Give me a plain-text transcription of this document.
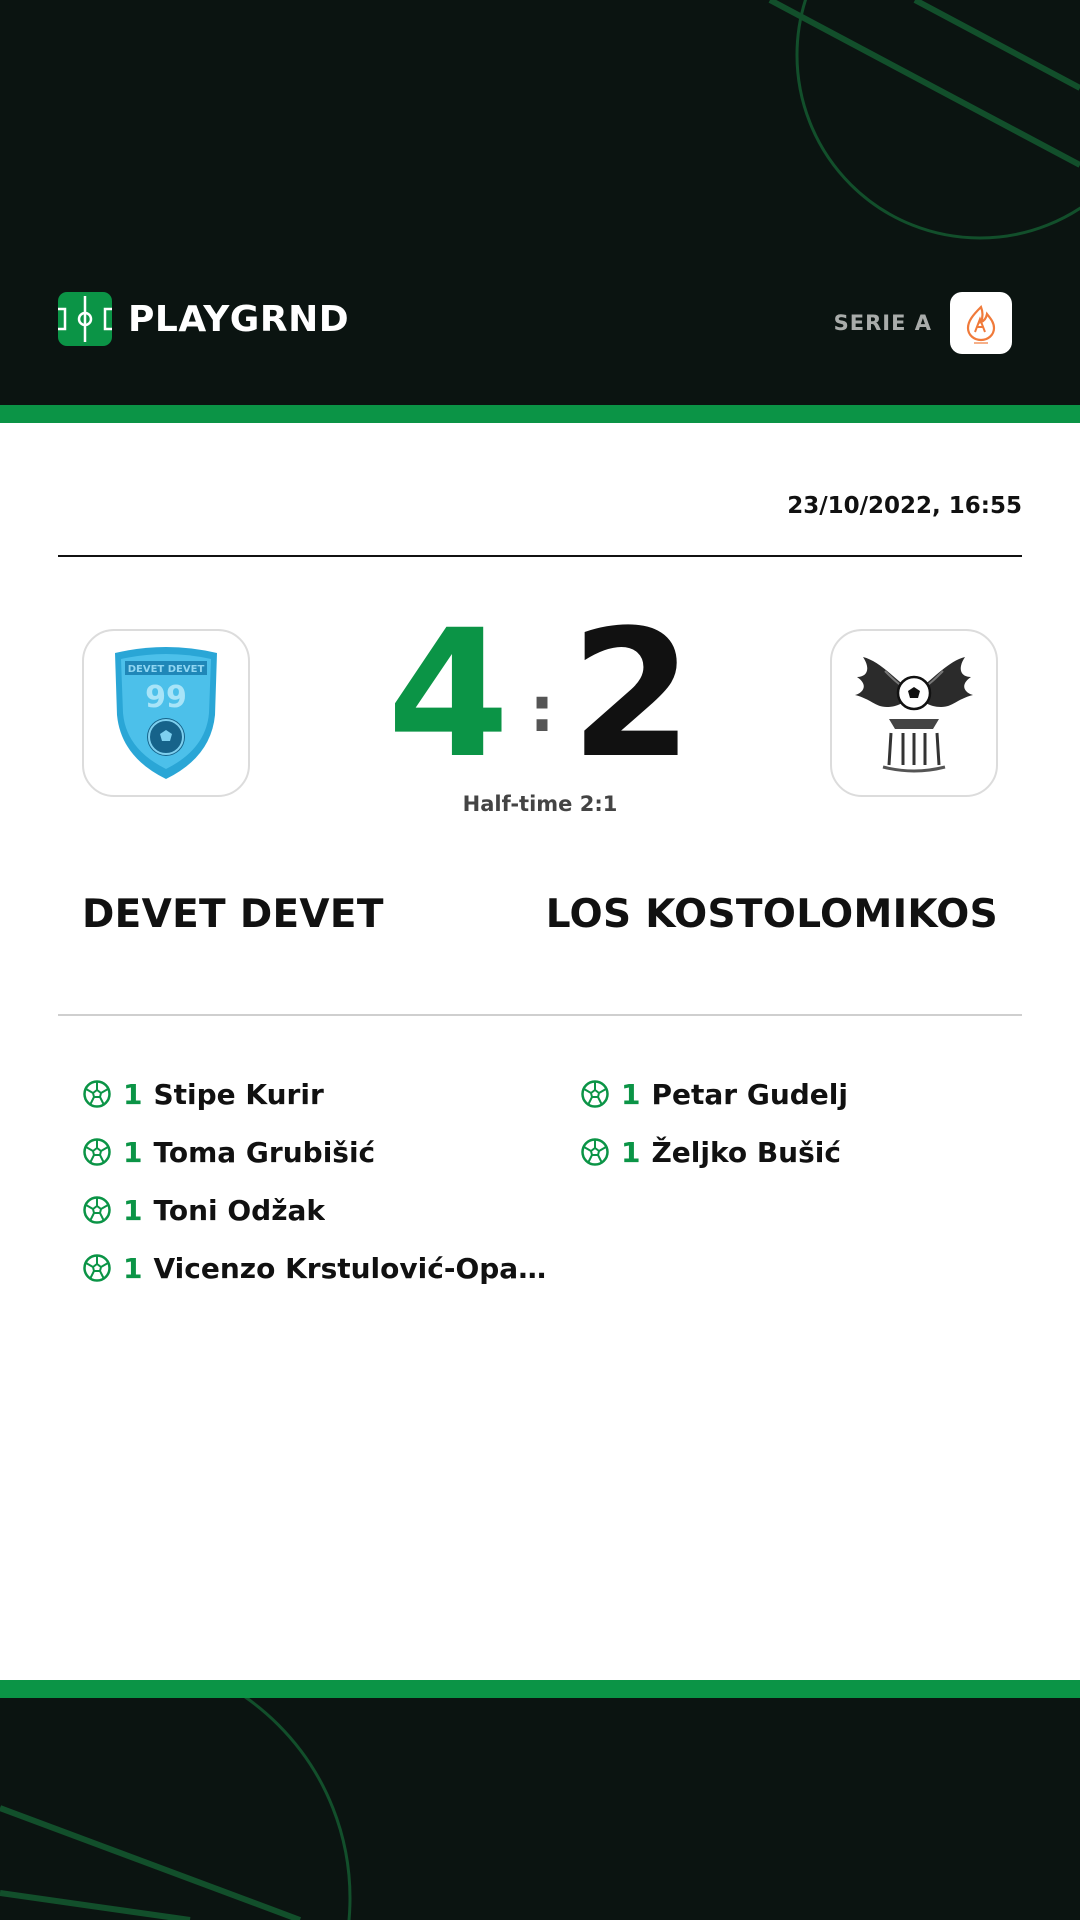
PLAYGRND	SERIE A
23/10/2022, 16:55
DEVET DEVET
99 4 : 2
Half-time 2:1
DEVET DEVET	LOS KOSTOLOMIKOS
1 Stipe Kurir
1 Toma Grubišić
1 Toni Odžak
1 Vicenzo Krstulović-Opa…
1 Petar Gudelj
1 Željko Bušić
